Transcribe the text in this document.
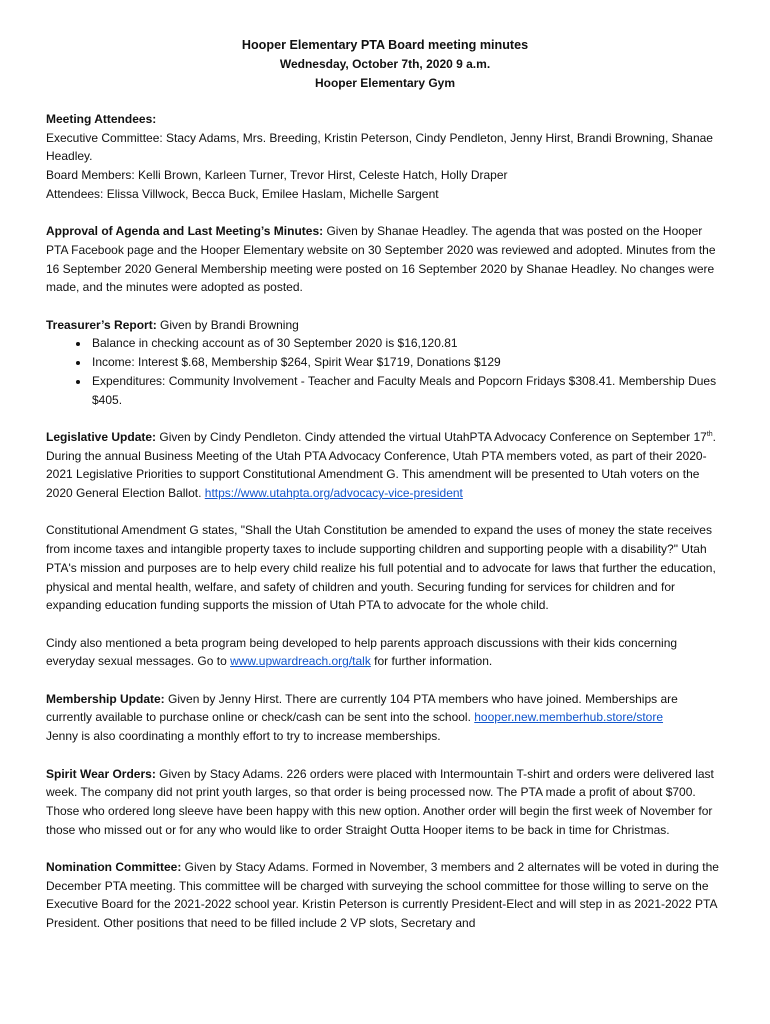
Hooper Elementary PTA Board meeting minutes
Wednesday, October 7th, 2020 9 a.m.
Hooper Elementary Gym

Meeting Attendees:

Executive Committee: Stacy Adams, Mrs. Breeding, Kristin Peterson, Cindy Pendleton, Jenny Hirst, Brandi Browning, Shanae Headley.

Board Members: Kelli Brown, Karleen Turner, Trevor Hirst, Celeste Hatch, Holly Draper

Attendees: Elissa Villwock, Becca Buck, Emilee Haslam, Michelle Sargent

Approval of Agenda and Last Meeting’s Minutes: Given by Shanae Headley. The agenda that was posted on the Hooper PTA Facebook page and the Hooper Elementary website on 30 September 2020 was reviewed and adopted. Minutes from the 16 September 2020 General Membership meeting were posted on 16 September 2020 by Shanae Headley. No changes were made, and the minutes were adopted as posted.

Treasurer’s Report: Given by Brandi Browning

• Balance in checking account as of 30 September 2020 is $16,120.81
• Income: Interest $.68, Membership $264, Spirit Wear $1719, Donations $129
• Expenditures: Community Involvement - Teacher and Faculty Meals and Popcorn Fridays $308.41. Membership Dues $405.

Legislative Update: Given by Cindy Pendleton. Cindy attended the virtual UtahPTA Advocacy Conference on September 17th. During the annual Business Meeting of the Utah PTA Advocacy Conference, Utah PTA members voted, as part of their 2020-2021 Legislative Priorities to support Constitutional Amendment G. This amendment will be presented to Utah voters on the 2020 General Election Ballot. https://www.utahpta.org/advocacy-vice-president

Constitutional Amendment G states, "Shall the Utah Constitution be amended to expand the uses of money the state receives from income taxes and intangible property taxes to include supporting children and supporting people with a disability?" Utah PTA's mission and purposes are to help every child realize his full potential and to advocate for laws that further the education, physical and mental health, welfare, and safety of children and youth. Securing funding for services for children and for expanding education funding supports the mission of Utah PTA to advocate for the whole child.

Cindy also mentioned a beta program being developed to help parents approach discussions with their kids concerning everyday sexual messages. Go to www.upwardreach.org/talk for further information.

Membership Update: Given by Jenny Hirst. There are currently 104 PTA members who have joined. Memberships are currently available to purchase online or check/cash can be sent into the school. hooper.new.memberhub.store/store
Jenny is also coordinating a monthly effort to try to increase memberships.

Spirit Wear Orders: Given by Stacy Adams. 226 orders were placed with Intermountain T-shirt and orders were delivered last week. The company did not print youth larges, so that order is being processed now. The PTA made a profit of about $700. Those who ordered long sleeve have been happy with this new option. Another order will begin the first week of November for those who missed out or for any who would like to order Straight Outta Hooper items to be back in time for Christmas.

Nomination Committee: Given by Stacy Adams. Formed in November, 3 members and 2 alternates will be voted in during the December PTA meeting. This committee will be charged with surveying the school committee for those willing to serve on the Executive Board for the 2021-2022 school year. Kristin Peterson is currently President-Elect and will step in as 2021-2022 PTA President. Other positions that need to be filled include 2 VP slots, Secretary and
